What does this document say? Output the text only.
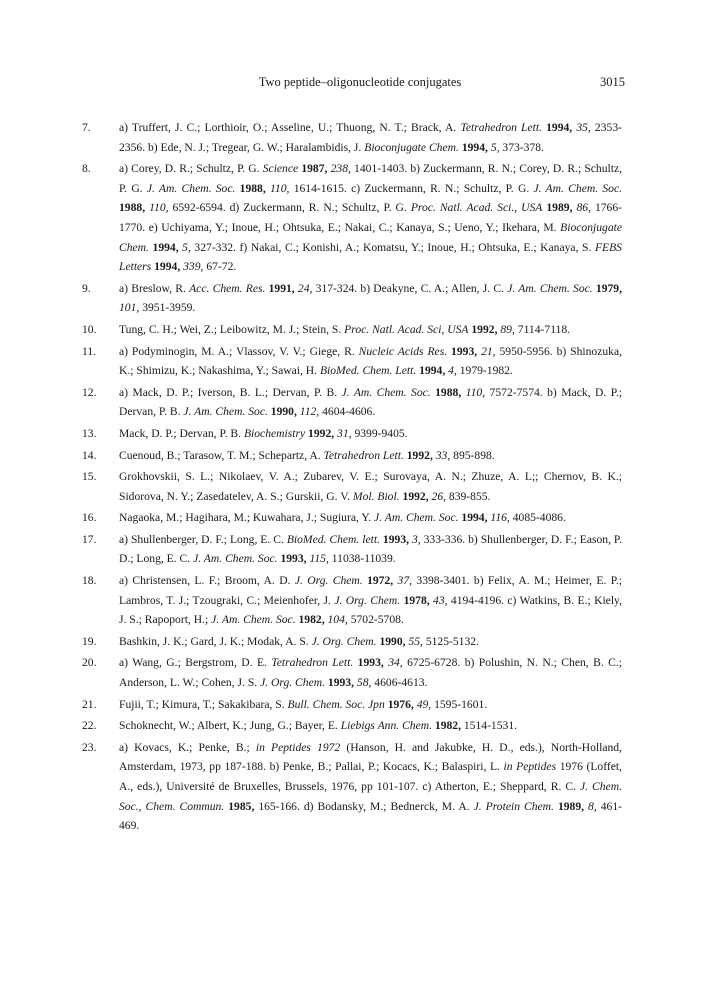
Two peptide–oligonucleotide conjugates	3015
7.	a) Truffert, J. C.; Lorthioir, O.; Asseline, U.; Thuong, N. T.; Brack, A. Tetrahedron Lett. 1994, 35, 2353-2356. b) Ede, N. J.; Tregear, G. W.; Haralambidis, J. Bioconjugate Chem. 1994, 5, 373-378.
8.	a) Corey, D. R.; Schultz, P. G. Science 1987, 238, 1401-1403. b) Zuckermann, R. N.; Corey, D. R.; Schultz, P. G. J. Am. Chem. Soc. 1988, 110, 1614-1615. c) Zuckermann, R. N.; Schultz, P. G. J. Am. Chem. Soc. 1988, 110, 6592-6594. d) Zuckermann, R. N.; Schultz, P. G. Proc. Natl. Acad. Sci., USA 1989, 86, 1766-1770. e) Uchiyama, Y.; Inoue, H.; Ohtsuka, E.; Nakai, C.; Kanaya, S.; Ueno, Y.; Ikehara, M. Bioconjugate Chem. 1994, 5, 327-332. f) Nakai, C.; Konishi, A.; Komatsu, Y.; Inoue, H.; Ohtsuka, E.; Kanaya, S. FEBS Letters 1994, 339, 67-72.
9.	a) Breslow, R. Acc. Chem. Res. 1991, 24, 317-324. b) Deakyne, C. A.; Allen, J. C. J. Am. Chem. Soc. 1979, 101, 3951-3959.
10.	Tung, C. H.; Wei, Z.; Leibowitz, M. J.; Stein, S. Proc. Natl. Acad. Sci, USA 1992, 89, 7114-7118.
11.	a) Podyminogin, M. A.; Vlassov, V. V.; Giege, R. Nucleic Acids Res. 1993, 21, 5950-5956. b) Shinozuka, K.; Shimizu, K.; Nakashima, Y.; Sawai, H. BioMed. Chem. Lett. 1994, 4, 1979-1982.
12.	a) Mack, D. P.; Iverson, B. L.; Dervan, P. B. J. Am. Chem. Soc. 1988, 110, 7572-7574. b) Mack, D. P.; Dervan, P. B. J. Am. Chem. Soc. 1990, 112, 4604-4606.
13.	Mack, D. P.; Dervan, P. B. Biochemistry 1992, 31, 9399-9405.
14.	Cuenoud, B.; Tarasow, T. M.; Schepartz, A. Tetrahedron Lett. 1992, 33, 895-898.
15.	Grokhovskii, S. L.; Nikolaev, V. A.; Zubarev, V. E.; Surovaya, A. N.; Zhuze, A. L;; Chernov, B. K.; Sidorova, N. Y.; Zasedatelev, A. S.; Gurskii, G. V. Mol. Biol. 1992, 26, 839-855.
16.	Nagaoka, M.; Hagihara, M.; Kuwahara, J.; Sugiura, Y. J. Am. Chem. Soc. 1994, 116, 4085-4086.
17.	a) Shullenberger, D. F.; Long, E. C. BioMed. Chem. lett. 1993, 3, 333-336. b) Shullenberger, D. F.; Eason, P. D.; Long, E. C. J. Am. Chem. Soc. 1993, 115, 11038-11039.
18.	a) Christensen, L. F.; Broom, A. D. J. Org. Chem. 1972, 37, 3398-3401. b) Felix, A. M.; Heimer, E. P.; Lambros, T. J.; Tzougraki, C.; Meienhofer, J. J. Org. Chem. 1978, 43, 4194-4196. c) Watkins, B. E.; Kiely, J. S.; Rapoport, H.; J. Am. Chem. Soc. 1982, 104, 5702-5708.
19.	Bashkin, J. K.; Gard, J. K.; Modak, A. S. J. Org. Chem. 1990, 55, 5125-5132.
20.	a) Wang, G.; Bergstrom, D. E. Tetrahedron Lett. 1993, 34, 6725-6728. b) Polushin, N. N.; Chen, B. C.; Anderson, L. W.; Cohen, J. S. J. Org. Chem. 1993, 58, 4606-4613.
21.	Fujii, T.; Kimura, T.; Sakakibara, S. Bull. Chem. Soc. Jpn 1976, 49, 1595-1601.
22.	Schoknecht, W.; Albert, K.; Jung, G.; Bayer, E. Liebigs Ann. Chem. 1982, 1514-1531.
23.	a) Kovacs, K.; Penke, B.; in Peptides 1972 (Hanson, H. and Jakubke, H. D., eds.), North-Holland, Amsterdam, 1973, pp 187-188. b) Penke, B.; Pallai, P.; Kocacs, K.; Balaspiri, L. in Peptides 1976 (Loffet, A., eds.), Université de Bruxelles, Brussels, 1976, pp 101-107. c) Atherton, E.; Sheppard, R. C. J. Chem. Soc., Chem. Commun. 1985, 165-166. d) Bodansky, M.; Bednerck, M. A. J. Protein Chem. 1989, 8, 461-469.
